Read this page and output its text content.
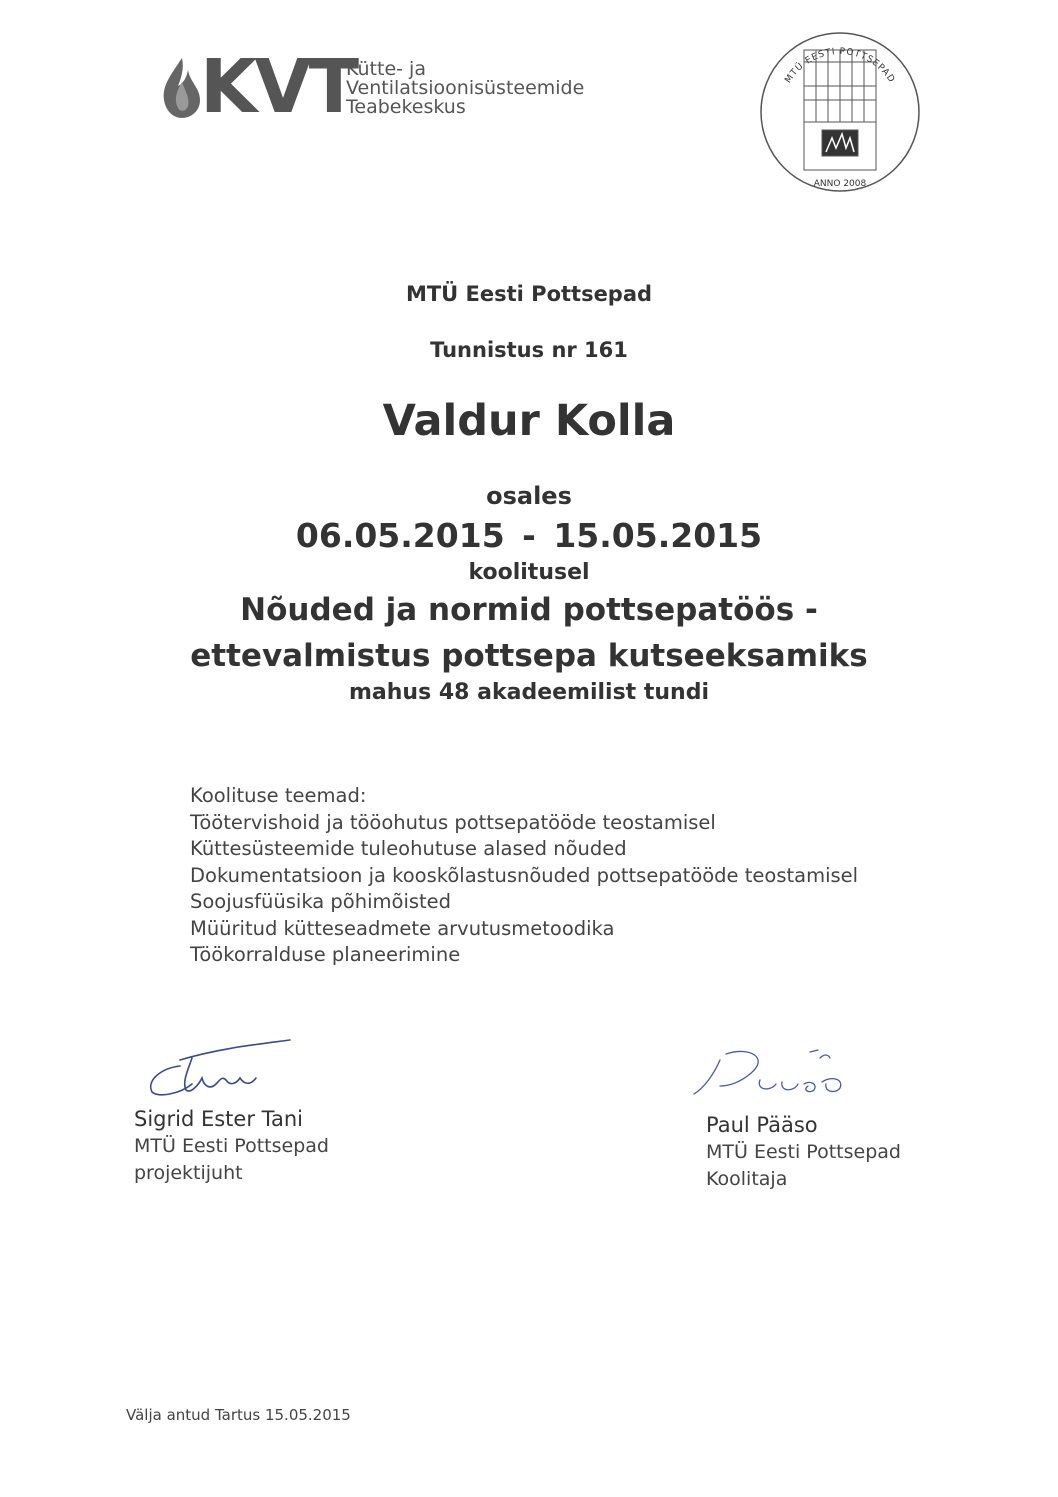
KVT
Kütte- ja
Ventilatsioonisüsteemide
Teabekeskus
MTÜ EESTI POTTSEPAD
ANNO 2008
MTÜ Eesti Pottsepad
Tunnistus nr 161
Valdur Kolla
osales
06.05.2015 - 15.05.2015
koolitusel
Nõuded ja normid pottsepatöös -
ettevalmistus pottsepa kutseeksamiks
mahus 48 akadeemilist tundi
Koolituse teemad:
Töötervishoid ja tööohutus pottsepatööde teostamisel
Küttesüsteemide tuleohutuse alased nõuded
Dokumentatsioon ja kooskõlastusnõuded pottsepatööde teostamisel
Soojusfüüsika põhimõisted
Müüritud kütteseadmete arvutusmetoodika
Töökorralduse planeerimine
Sigrid Ester Tani
MTÜ Eesti Pottsepad
projektijuht
Paul Pääso
MTÜ Eesti Pottsepad
Koolitaja
Välja antud Tartus 15.05.2015
